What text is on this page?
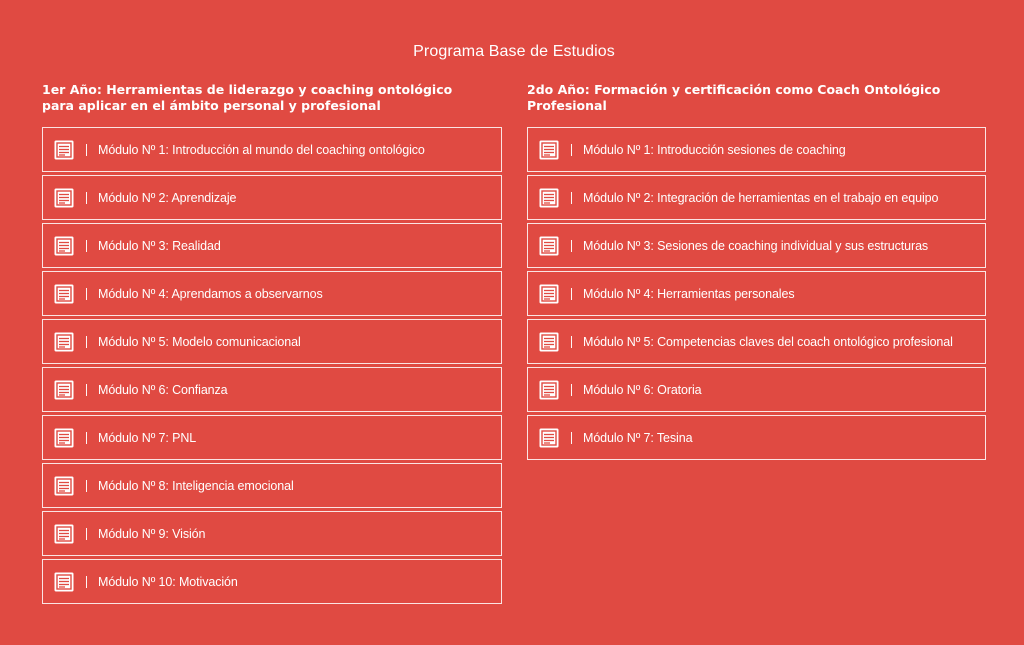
Programa Base de Estudios
1er Año: Herramientas de liderazgo y coaching ontológico para aplicar en el ámbito personal y profesional
Módulo Nº 1: Introducción al mundo del coaching ontológico
Módulo Nº 2: Aprendizaje
Módulo Nº 3: Realidad
Módulo Nº 4: Aprendamos a observarnos
Módulo Nº 5: Modelo comunicacional
Módulo Nº 6: Confianza
Módulo Nº 7: PNL
Módulo Nº 8: Inteligencia emocional
Módulo Nº 9: Visión
Módulo Nº 10: Motivación
2do Año: Formación y certificación como Coach Ontológico Profesional
Módulo Nº 1: Introducción sesiones de coaching
Módulo Nº 2: Integración de herramientas en el trabajo en equipo
Módulo Nº 3: Sesiones de coaching individual y sus estructuras
Módulo Nº 4: Herramientas personales
Módulo Nº 5: Competencias claves del coach ontológico profesional
Módulo Nº 6: Oratoria
Módulo Nº 7: Tesina
